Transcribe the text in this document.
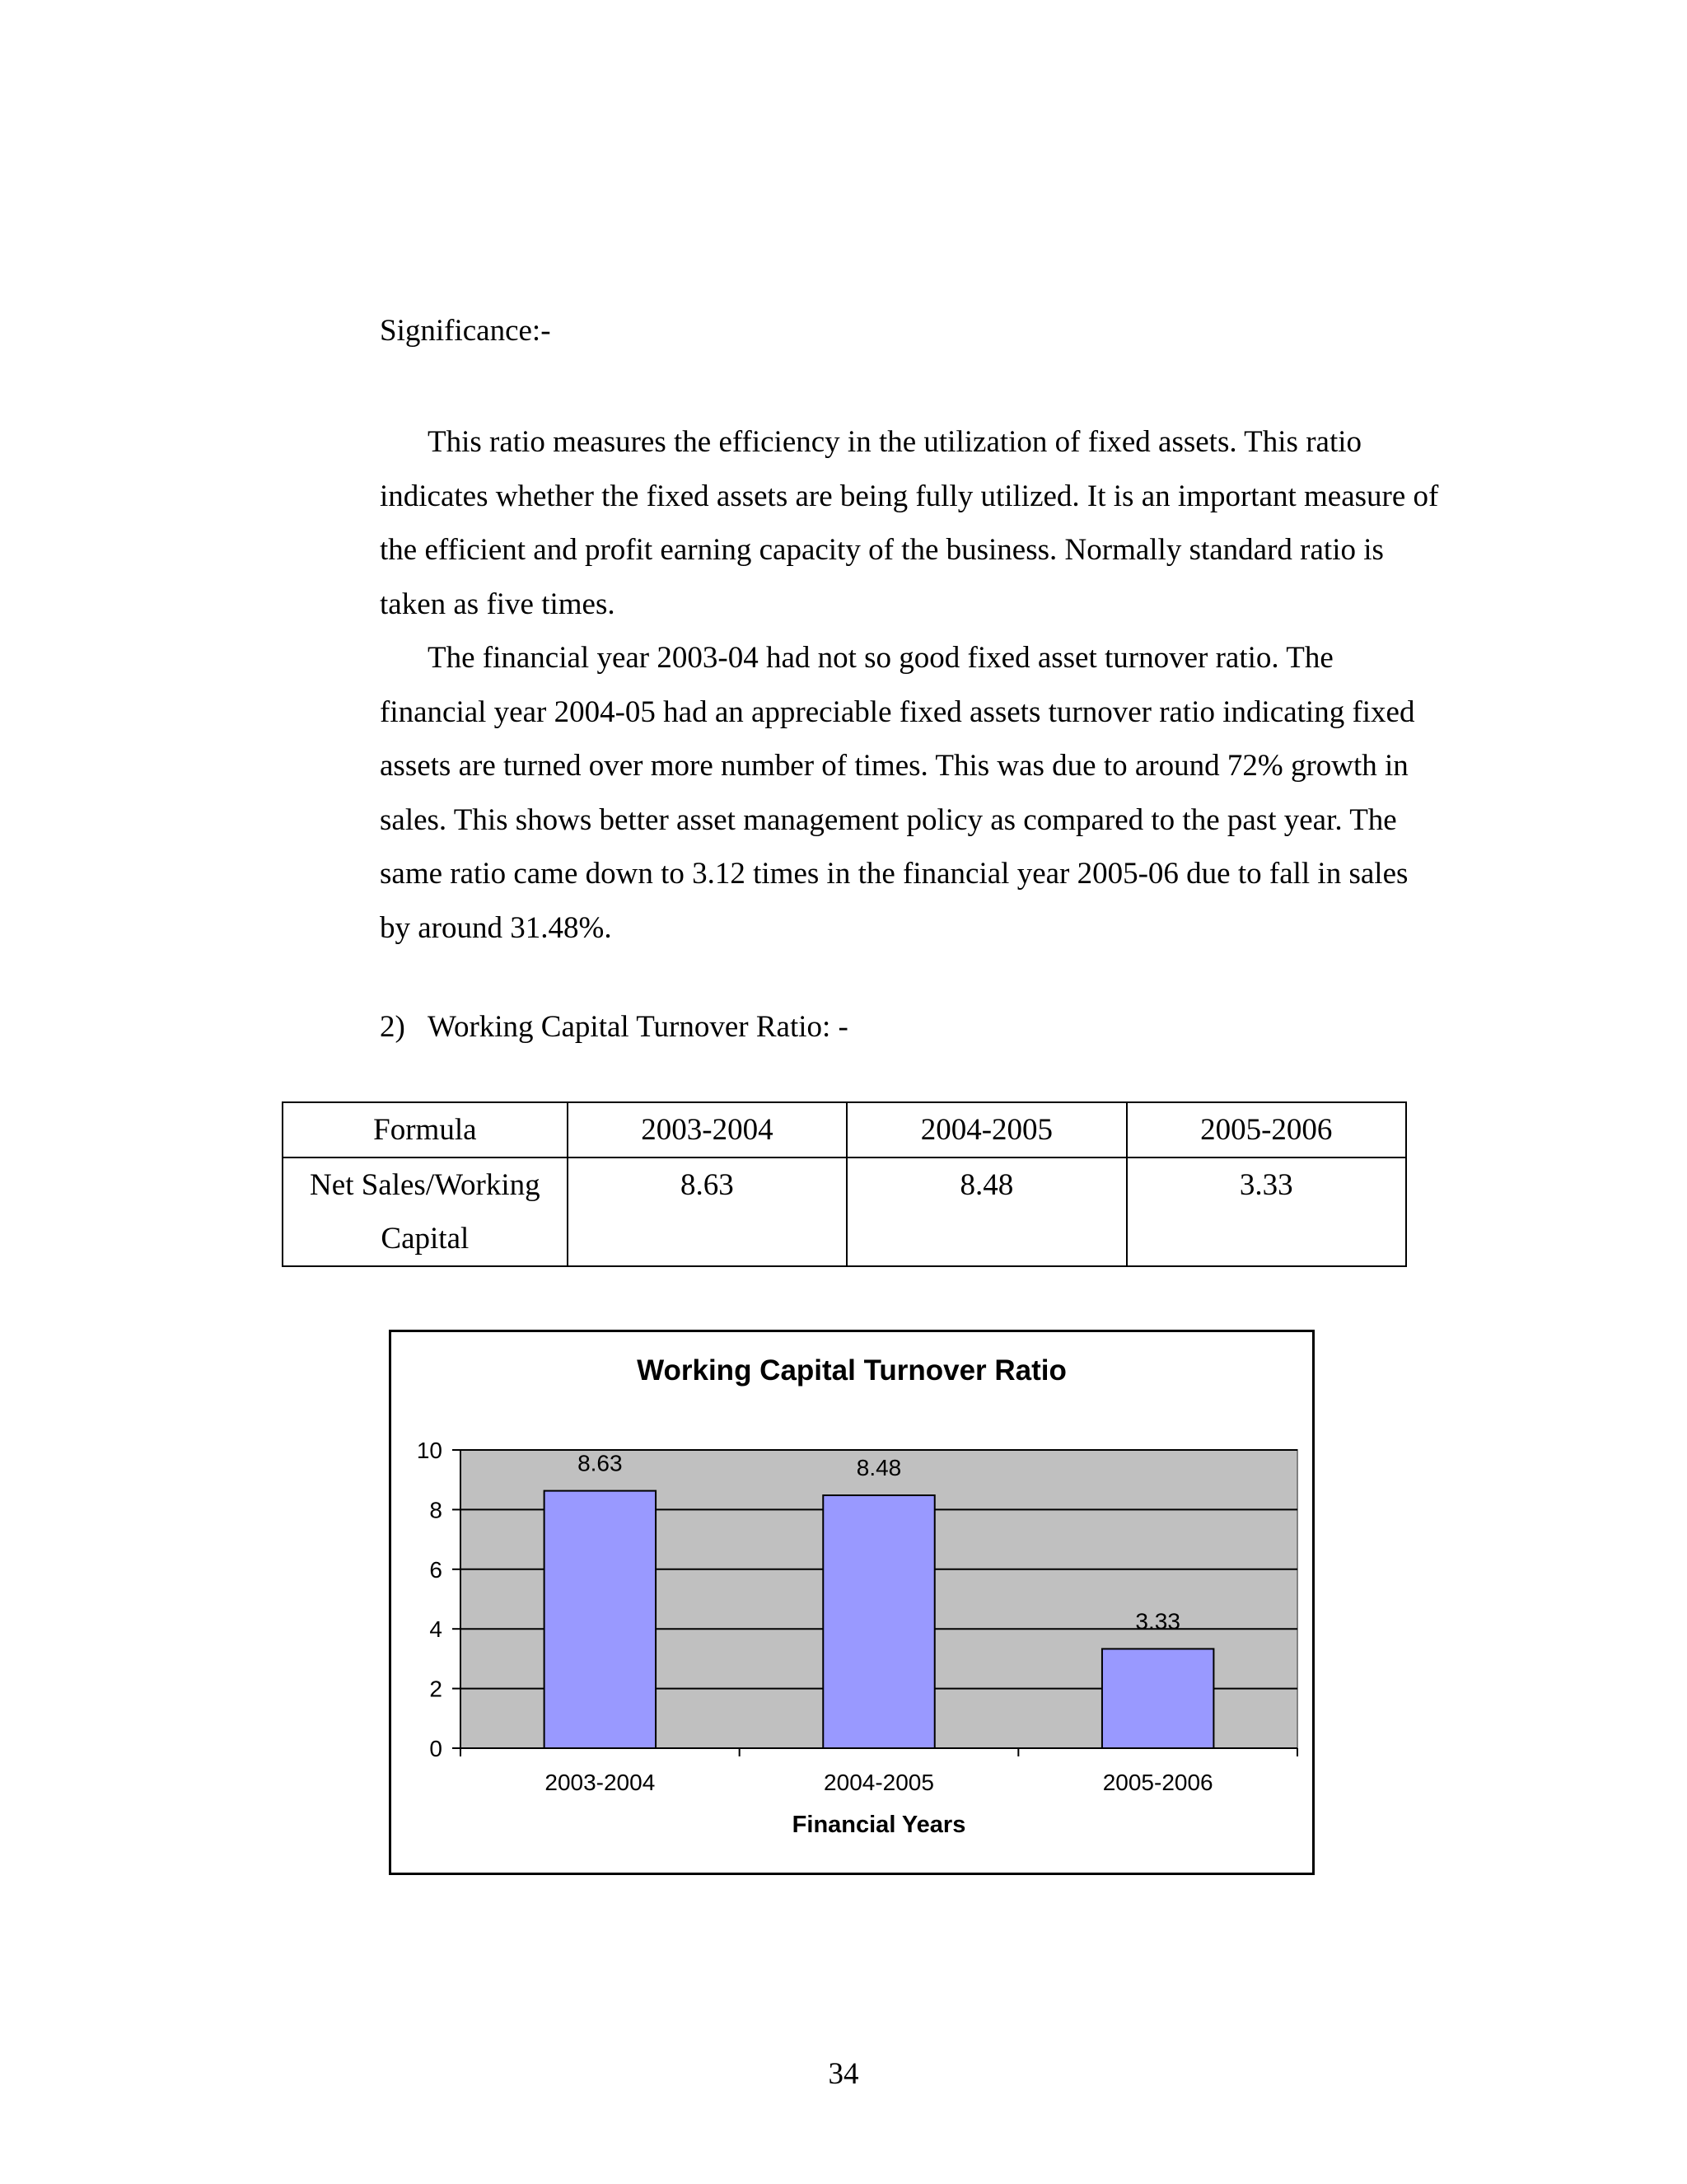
Significance:-

This ratio measures the efficiency in the utilization of fixed assets. This ratio indicates whether the fixed assets are being fully utilized. It is an important measure of the efficient and profit earning capacity of the business. Normally standard ratio is taken as five times.

The financial year 2003-04 had not so good fixed asset turnover ratio. The financial year 2004-05 had an appreciable fixed assets turnover ratio indicating fixed assets are turned over more number of times. This was due to around 72% growth in sales. This shows better asset management policy as compared to the past year. The same ratio came down to 3.12 times in the financial year 2005-06 due to fall in sales by around 31.48%.

2) Working Capital Turnover Ratio: -
Formula	2003-2004	2004-2005	2005-2006

Net Sales/Working
Capital	8.63	8.48	3.33
0
2
4
6
8
10
8.63
2003-2004
8.48
2004-2005
3.33
2005-2006
Working Capital Turnover Ratio
Financial Years
34
